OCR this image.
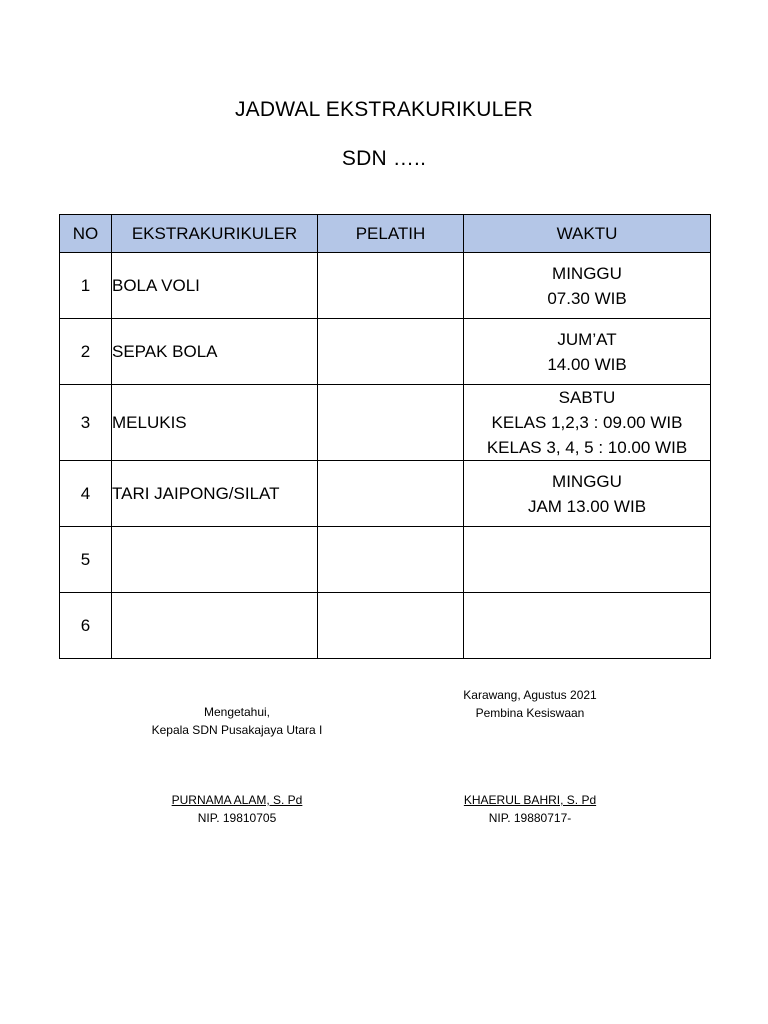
JADWAL EKSTRAKURIKULER
SDN …..
NO	EKSTRAKURIKULER	PELATIH	WAKTU
1	BOLA VOLI		MINGGU
07.30 WIB

2	SEPAK BOLA		JUM’AT
14.00 WIB

3	MELUKIS		SABTU
KELAS 1,2,3 : 09.00 WIB
KELAS 3, 4, 5 : 10.00 WIB

4	TARI JAIPONG/SILAT		MINGGU
JAM 13.00 WIB

5			
6			
Mengetahui,
Kepala SDN Pusakajaya Utara I
PURNAMA ALAM, S. Pd
NIP. 19810705
Karawang, Agustus 2021
Pembina Kesiswaan
KHAERUL BAHRI, S. Pd
NIP. 19880717-
